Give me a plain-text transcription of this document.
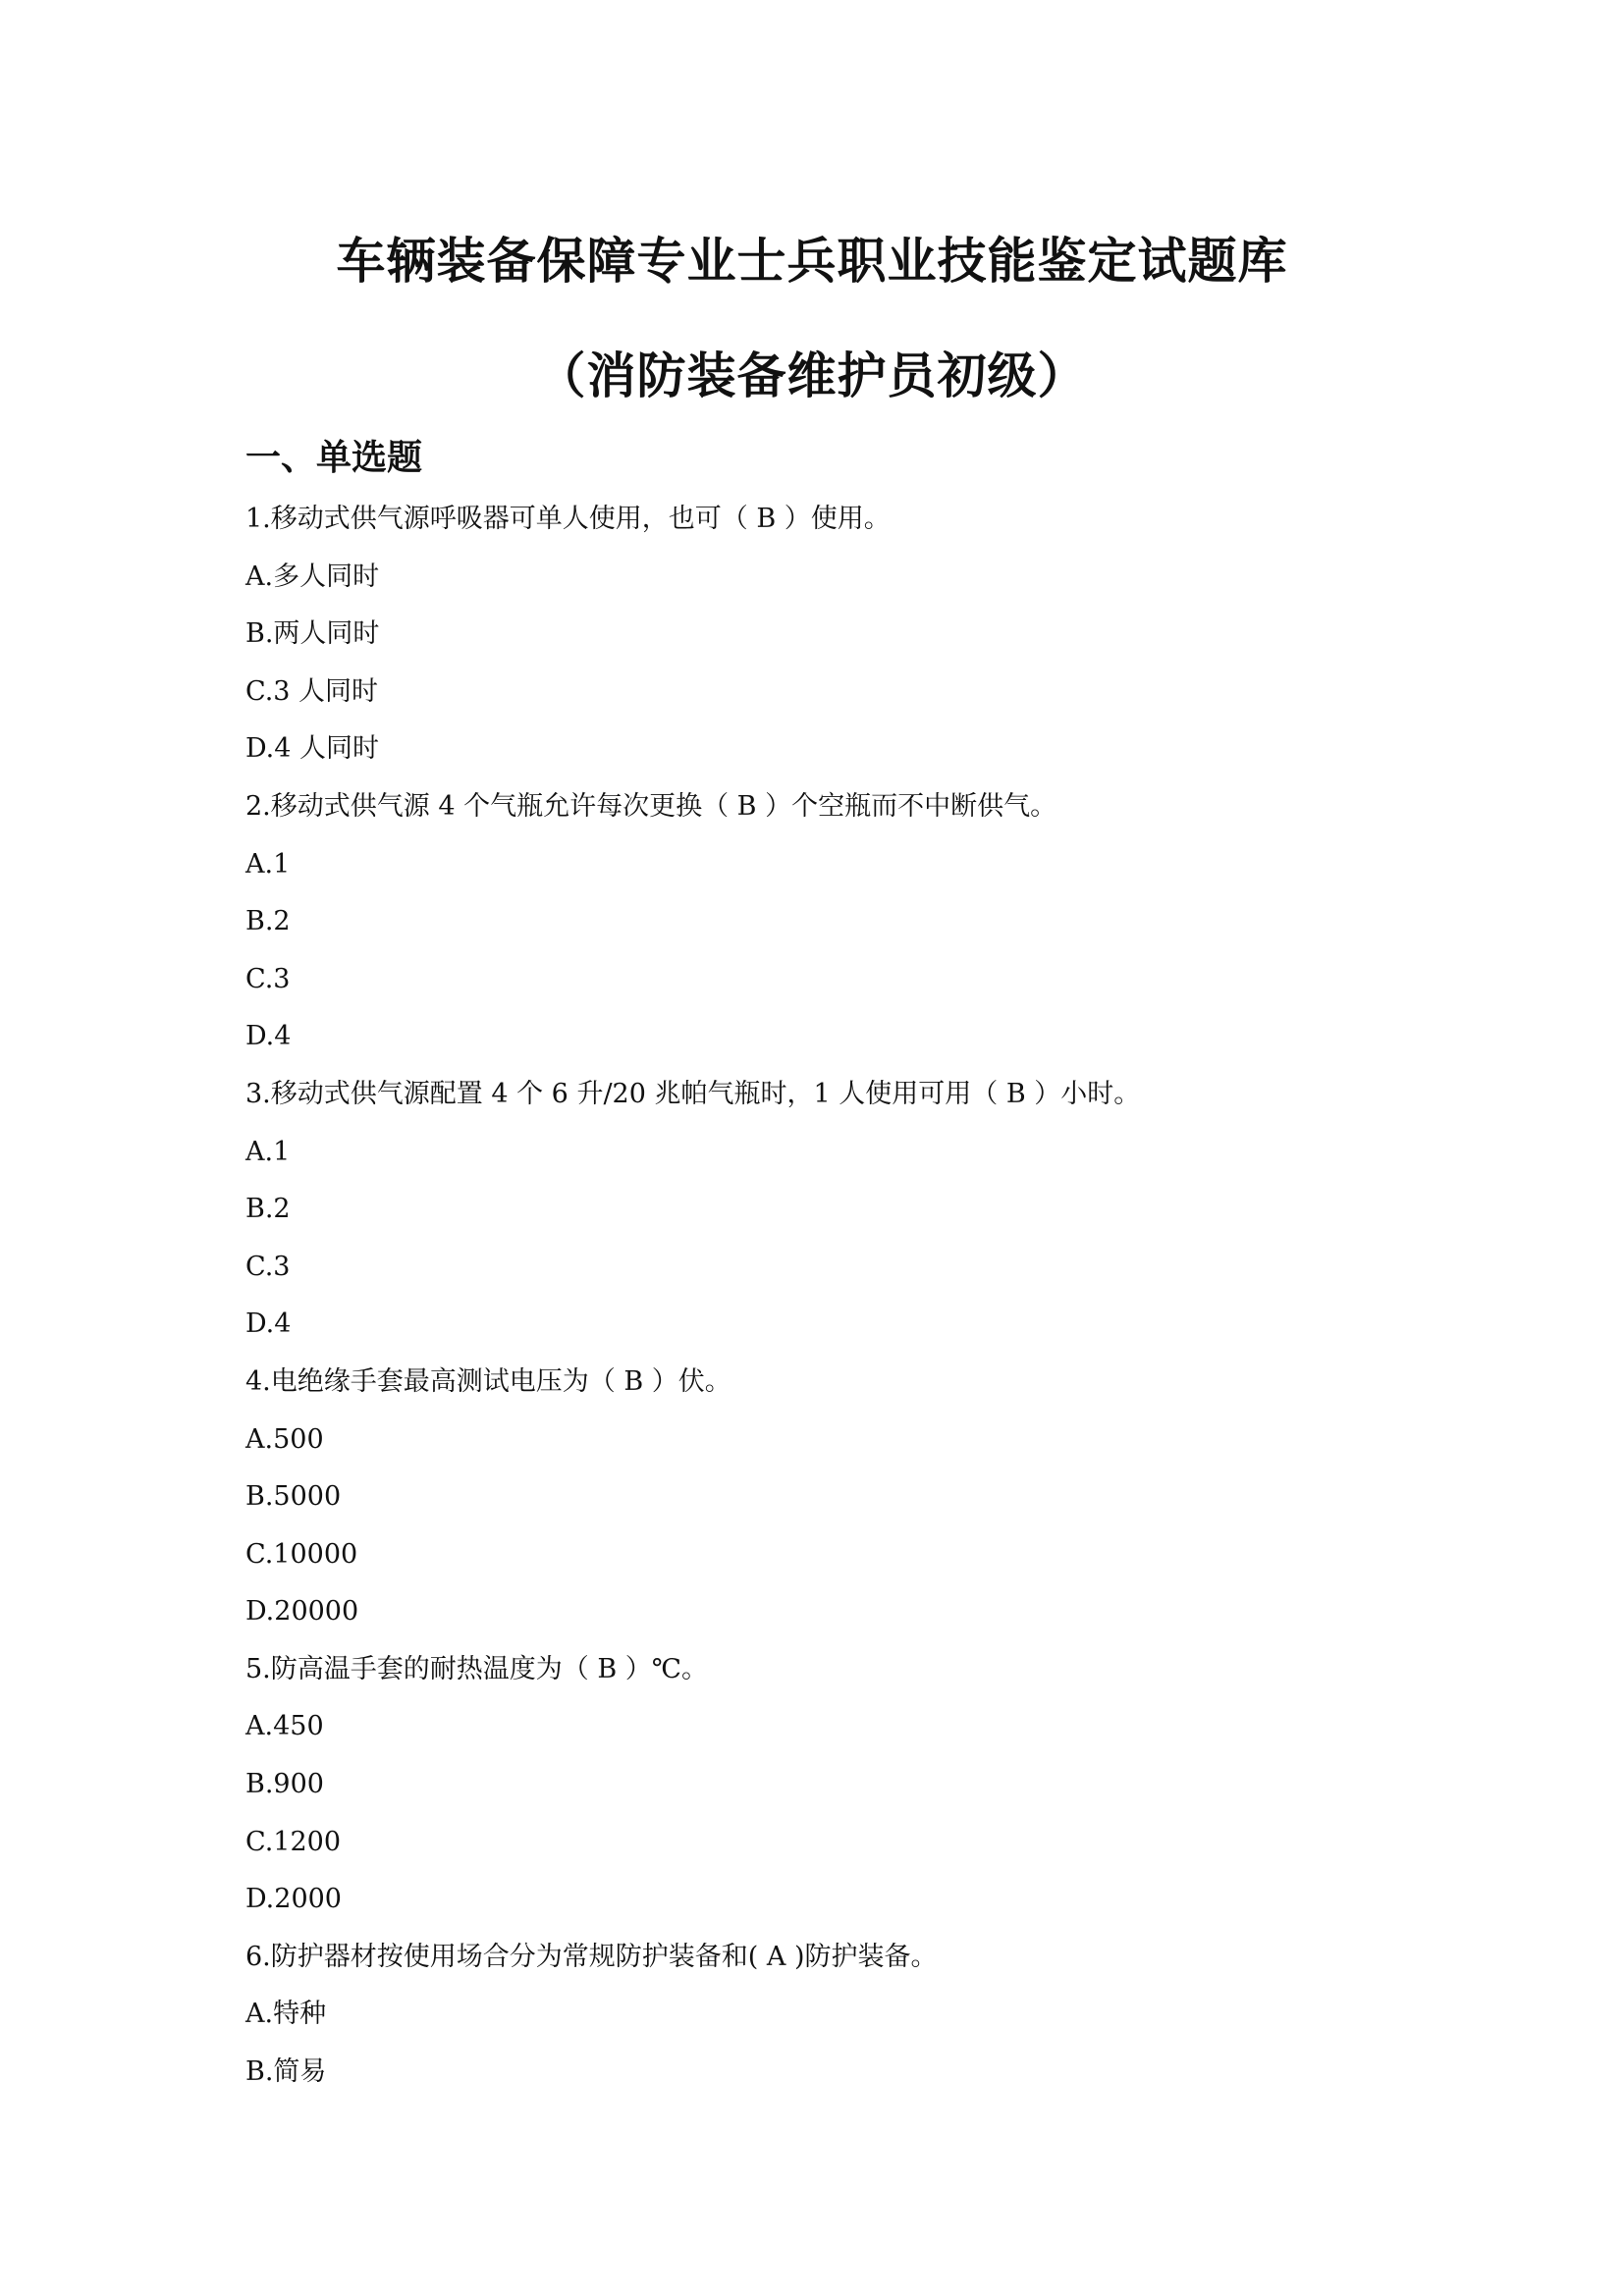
车辆装备保障专业士兵职业技能鉴定试题库
（消防装备维护员初级）
一、单选题
1.移动式供气源呼吸器可单人使用，也可（ B ）使用。
A.多人同时
B.两人同时
C.3 人同时
D.4 人同时
2.移动式供气源 4 个气瓶允许每次更换（ B ）个空瓶而不中断供气。
A.1
B.2
C.3
D.4
3.移动式供气源配置 4 个 6 升/20 兆帕气瓶时，1 人使用可用（ B ）小时。
A.1
B.2
C.3
D.4
4.电绝缘手套最高测试电压为（ B ）伏。
A.500
B.5000
C.10000
D.20000
5.防高温手套的耐热温度为（ B ）℃。
A.450
B.900
C.1200
D.2000
6.防护器材按使用场合分为常规防护装备和( A )防护装备。
A.特种
B.简易
